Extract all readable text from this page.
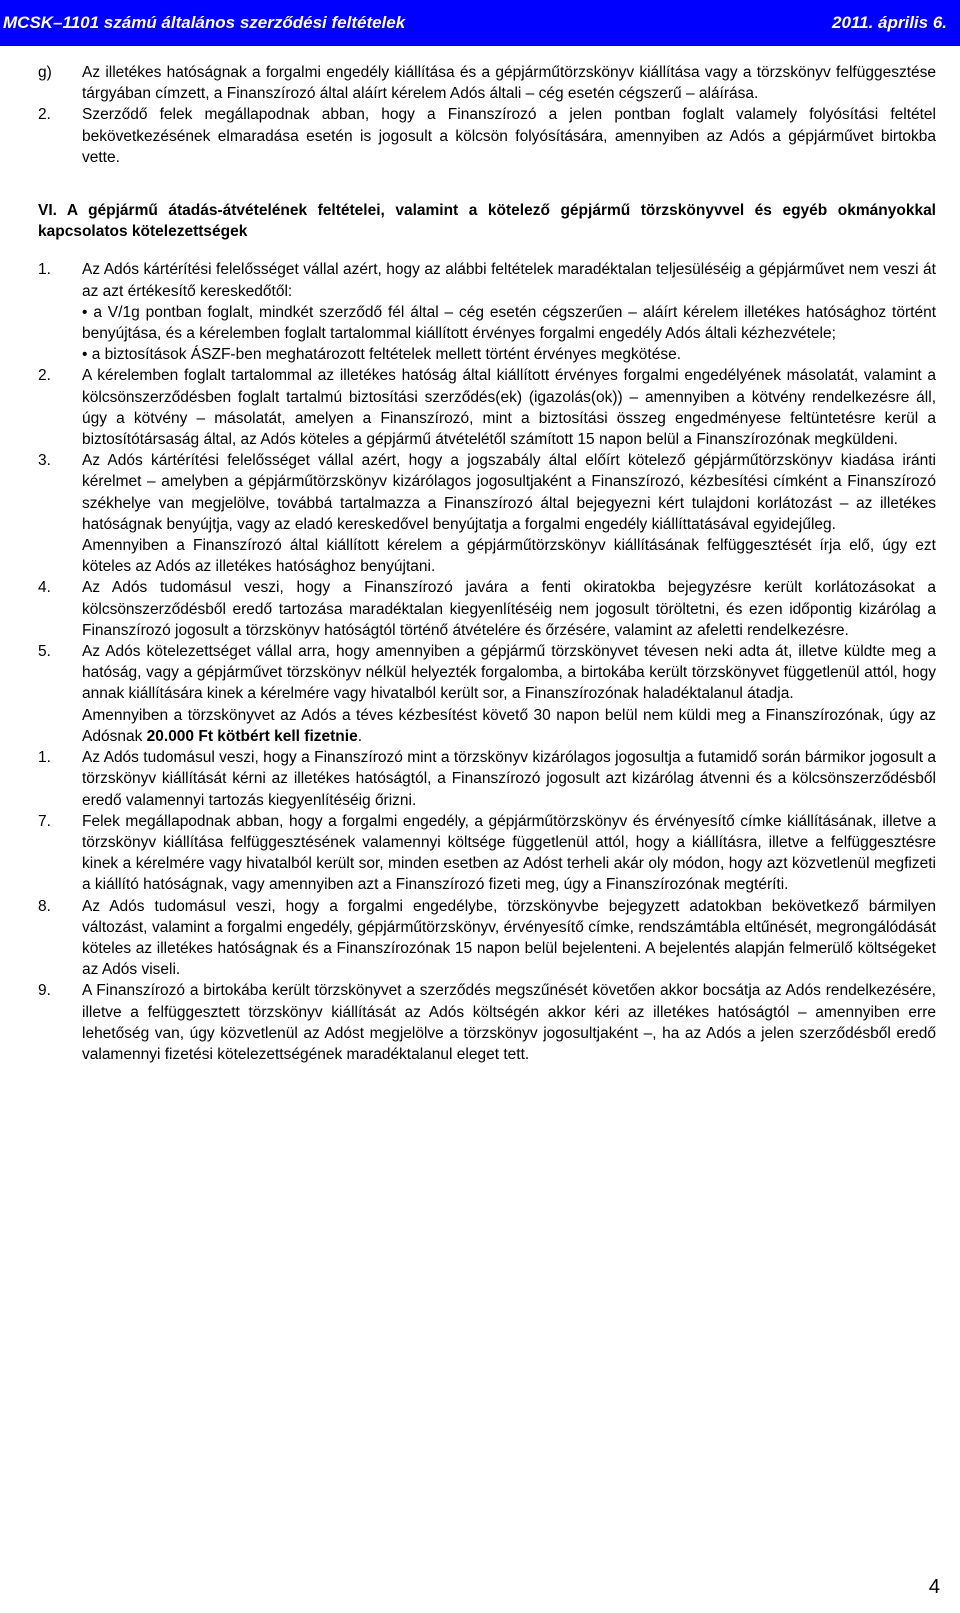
MCSK–1101 számú általános szerződési feltételek	2011. április 6.
g)	Az illetékes hatóságnak a forgalmi engedély kiállítása és a gépjárműtörzskönyv kiállítása vagy a törzskönyv felfüggesztése tárgyában címzett, a Finanszírozó által aláírt kérelem Adós általi – cég esetén cégszerű – aláírása.
2.	Szerződő felek megállapodnak abban, hogy a Finanszírozó a jelen pontban foglalt valamely folyósítási feltétel bekövetkezésének elmaradása esetén is jogosult a kölcsön folyósítására, amennyiben az Adós a gépjárművet birtokba vette.
VI. A gépjármű átadás-átvételének feltételei, valamint a kötelező gépjármű törzskönyvvel és egyéb okmányokkal kapcsolatos kötelezettségek
1.	Az Adós kártérítési felelősséget vállal azért, hogy az alábbi feltételek maradéktalan teljesüléséig a gépjárművet nem veszi át az azt értékesítő kereskedőtől:
• a V/1g pontban foglalt, mindkét szerződő fél által – cég esetén cégszerűen – aláírt kérelem illetékes hatósághoz történt benyújtása, és a kérelemben foglalt tartalommal kiállított érvényes forgalmi engedély Adós általi kézhezvétele;
• a biztosítások ÁSZF-ben meghatározott feltételek mellett történt érvényes megkötése.
2.	A kérelemben foglalt tartalommal az illetékes hatóság által kiállított érvényes forgalmi engedélyének másolatát, valamint a kölcsönszerződésben foglalt tartalmú biztosítási szerződés(ek) (igazolás(ok)) – amennyiben a kötvény rendelkezésre áll, úgy a kötvény – másolatát, amelyen a Finanszírozó, mint a biztosítási összeg engedményese feltüntetésre kerül a biztosítótársaság által, az Adós köteles a gépjármű átvételétől számított 15 napon belül a Finanszírozónak megküldeni.
3.	Az Adós kártérítési felelősséget vállal azért, hogy a jogszabály által előírt kötelező gépjárműtörzskönyv kiadása iránti kérelmet – amelyben a gépjárműtörzskönyv kizárólagos jogosultjaként a Finanszírozó, kézbesítési címként a Finanszírozó székhelye van megjelölve, továbbá tartalmazza a Finanszírozó által bejegyezni kért tulajdoni korlátozást – az illetékes hatóságnak benyújtja, vagy az eladó kereskedővel benyújtatja a forgalmi engedély kiállíttatásával egyidejűleg.
Amennyiben a Finanszírozó által kiállított kérelem a gépjárműtörzskönyv kiállításának felfüggesztését írja elő, úgy ezt köteles az Adós az illetékes hatósághoz benyújtani.
4.	Az Adós tudomásul veszi, hogy a Finanszírozó javára a fenti okiratokba bejegyzésre került korlátozásokat a kölcsönszerződésből eredő tartozása maradéktalan kiegyenlítéséig nem jogosult töröltetni, és ezen időpontig kizárólag a Finanszírozó jogosult a törzskönyv hatóságtól történő átvételére és őrzésére, valamint az afeletti rendelkezésre.
5.	Az Adós kötelezettséget vállal arra, hogy amennyiben a gépjármű törzskönyvet tévesen neki adta át, illetve küldte meg a hatóság, vagy a gépjárművet törzskönyv nélkül helyezték forgalomba, a birtokába került törzskönyvet függetlenül attól, hogy annak kiállítására kinek a kérelmére vagy hivatalból került sor, a Finanszírozónak haladéktalanul átadja.
Amennyiben a törzskönyvet az Adós a téves kézbesítést követő 30 napon belül nem küldi meg a Finanszírozónak, úgy az Adósnak 20.000 Ft kötbért kell fizetnie.
1.	Az Adós tudomásul veszi, hogy a Finanszírozó mint a törzskönyv kizárólagos jogosultja a futamidő során bármikor jogosult a törzskönyv kiállítását kérni az illetékes hatóságtól, a Finanszírozó jogosult azt kizárólag átvenni és a kölcsönszerződésből eredő valamennyi tartozás kiegyenlítéséig őrizni.
7.	Felek megállapodnak abban, hogy a forgalmi engedély, a gépjárműtörzskönyv és érvényesítő címke kiállításának, illetve a törzskönyv kiállítása felfüggesztésének valamennyi költsége függetlenül attól, hogy a kiállításra, illetve a felfüggesztésre kinek a kérelmére vagy hivatalból került sor, minden esetben az Adóst terheli akár oly módon, hogy azt közvetlenül megfizeti a kiállító hatóságnak, vagy amennyiben azt a Finanszírozó fizeti meg, úgy a Finanszírozónak megtéríti.
8.	Az Adós tudomásul veszi, hogy a forgalmi engedélybe, törzskönyvbe bejegyzett adatokban bekövetkező bármilyen változást, valamint a forgalmi engedély, gépjárműtörzskönyv, érvényesítő címke, rendszámtábla eltűnését, megrongálódását köteles az illetékes hatóságnak és a Finanszírozónak 15 napon belül bejelenteni. A bejelentés alapján felmerülő költségeket az Adós viseli.
9.	A Finanszírozó a birtokába került törzskönyvet a szerződés megszűnését követően akkor bocsátja az Adós rendelkezésére, illetve a felfüggesztett törzskönyv kiállítását az Adós költségén akkor kéri az illetékes hatóságtól – amennyiben erre lehetőség van, úgy közvetlenül az Adóst megjelölve a törzskönyv jogosultjaként –, ha az Adós a jelen szerződésből eredő valamennyi fizetési kötelezettségének maradéktalanul eleget tett.
4
